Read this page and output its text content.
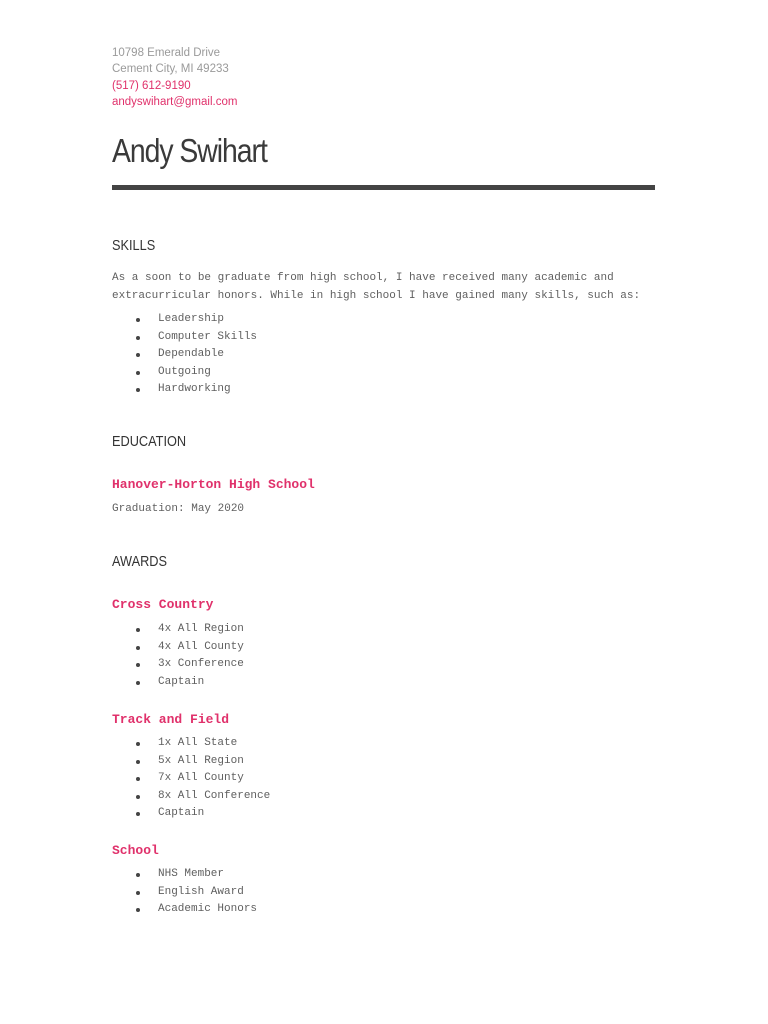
10798 Emerald Drive
Cement City, MI 49233
(517) 612-9190
andyswihart@gmail.com
Andy Swihart
SKILLS
As a soon to be graduate from high school, I have received many academic and
extracurricular honors. While in high school I have gained many skills, such as:
Leadership
Computer Skills
Dependable
Outgoing
Hardworking
EDUCATION
Hanover-Horton High School
Graduation: May 2020
AWARDS
Cross Country
4x All Region
4x All County
3x Conference
Captain
Track and Field
1x All State
5x All Region
7x All County
8x All Conference
Captain
School
NHS Member
English Award
Academic Honors
